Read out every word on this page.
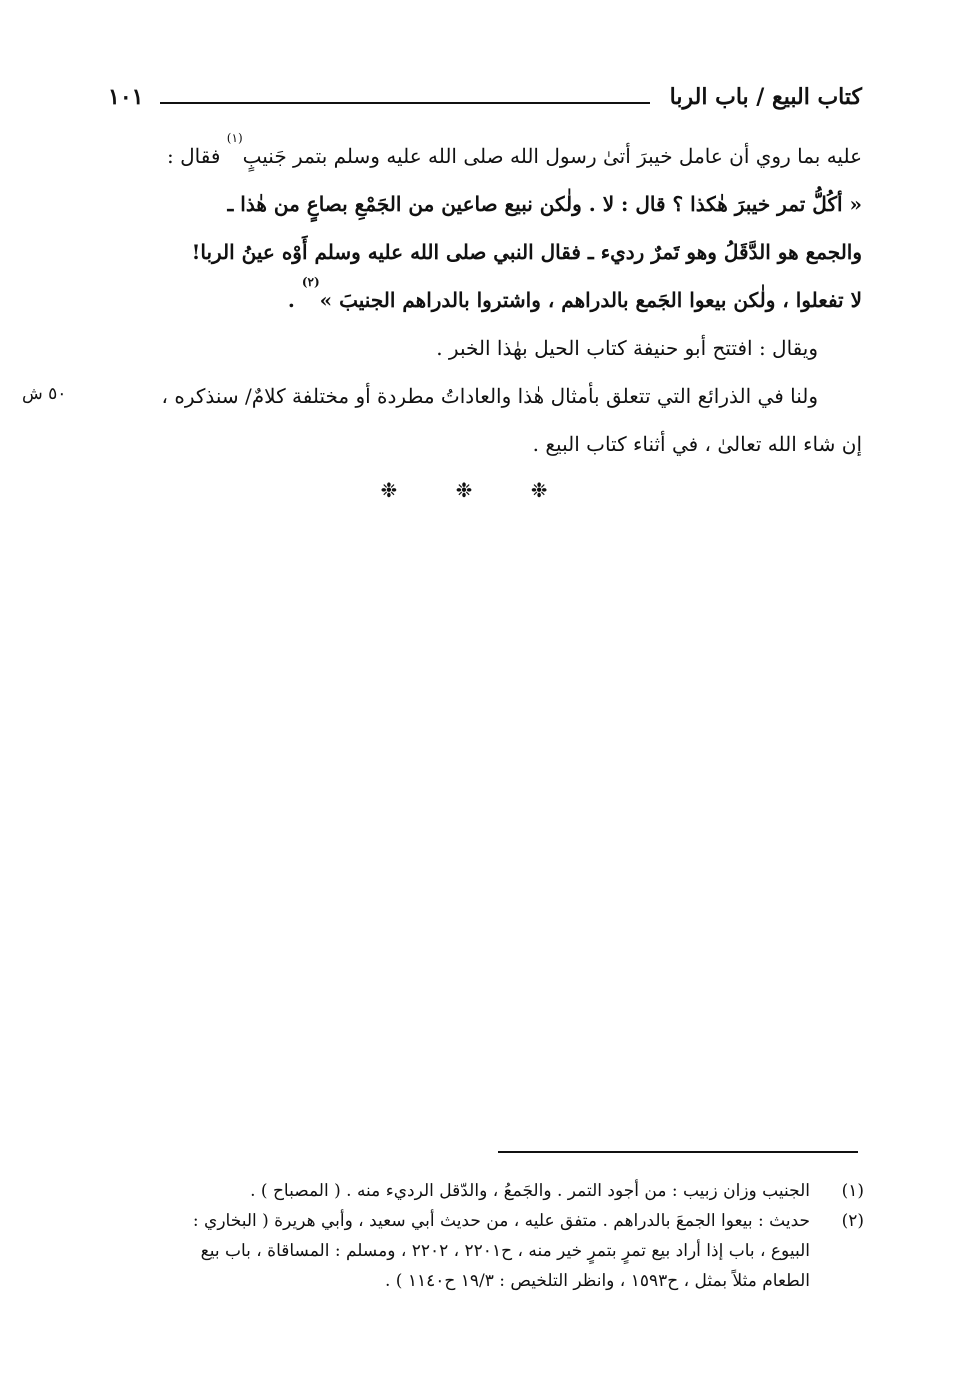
كتاب البيع / باب الربا
١٠١
عليه بما روي أن عامل خيبرَ أتىٰ رسول الله صلى الله عليه وسلم بتمر جَنيبٍ$^{(١)}$ فقال :
« أكُلُّ تمر خيبرَ هٰكذا ؟ قال : لا . ولٰكن نبيع صاعين من الجَمْعِ بصاعٍ من هٰذا ـ
والجمع هو الدَّقَلُ وهو تَمرٌ رديء ـ فقال النبي صلى الله عليه وسلم أَوْه عينُ الربا!
لا تفعلوا ، ولٰكن بيعوا الجَمع بالدراهم ، واشتروا بالدراهم الجنيبَ »$^{(٢)}$ .
ويقال : افتتح أبو حنيفة كتاب الحيل بهٰذا الخبر .
ولنا في الذرائع التي تتعلق بأمثال هٰذا والعاداتُ مطردة أو مختلفة كلامٌ/ سنذكره ،
إن شاء الله تعالىٰ ، في أثناء كتاب البيع .
٥٠ ش
❉ ❉ ❉
(١)
الجنيب وزان زبيب : من أجود التمر . والجَمعُ ، والدّقل الرديء منه . ( المصباح ) .
(٢)
حديث : بيعوا الجمعَ بالدراهم . متفق عليه ، من حديث أبي سعيد ، وأبي هريرة ( البخاري :
البيوع ، باب إذا أراد بيع تمرٍ بتمرٍ خير منه ، ح٢٢٠١ ، ٢٢٠٢ ، ومسلم : المساقاة ، باب بيع
الطعام مثلاً بمثل ، ح١٥٩٣ ، وانظر التلخيص : ١٩/٣ ح١١٤٠ ) .
